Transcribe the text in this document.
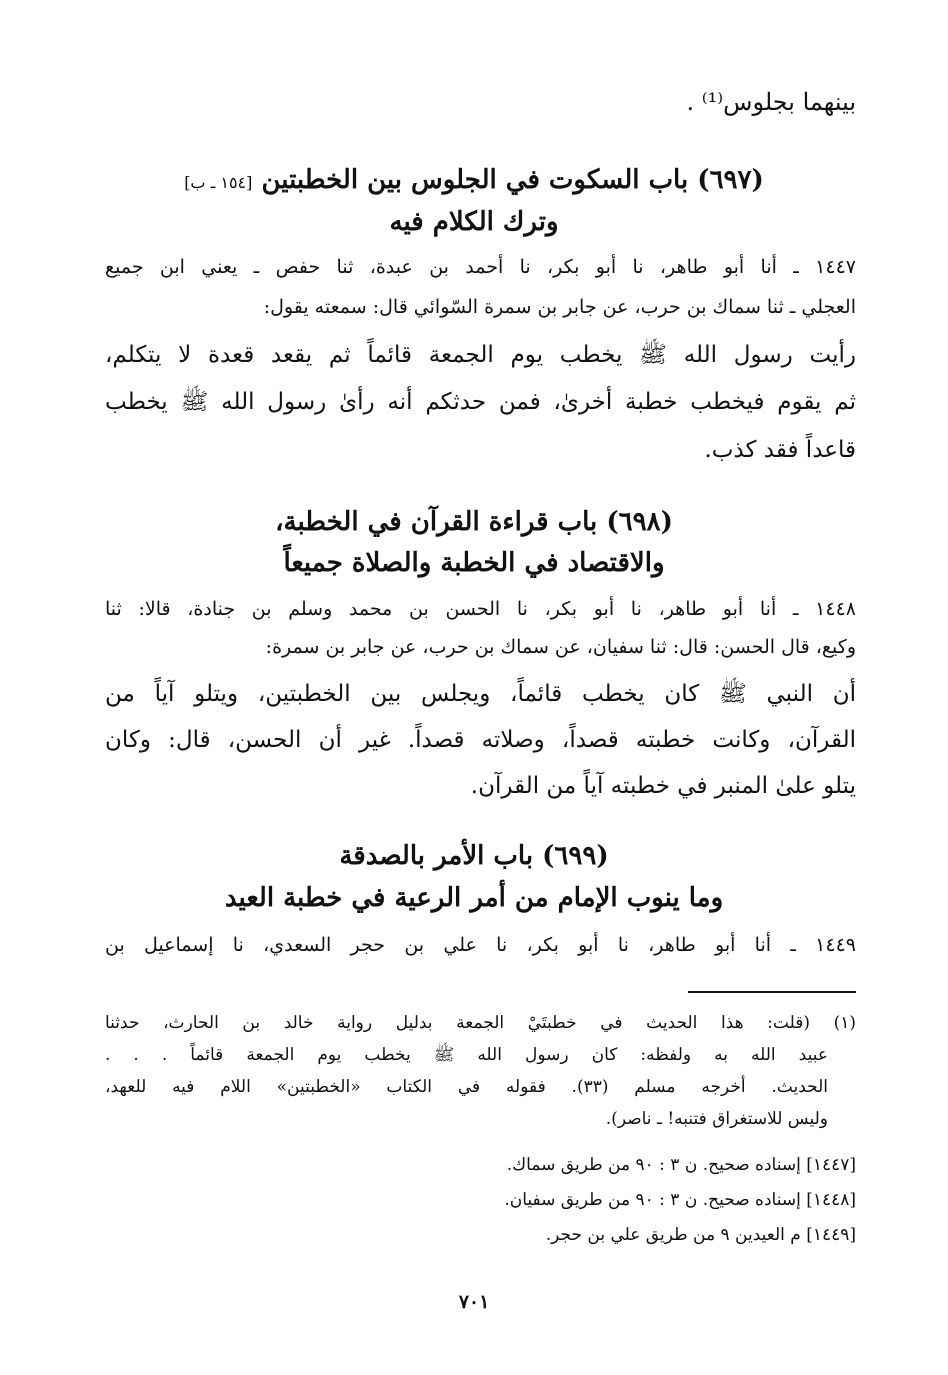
بينهما بجلوس⁽¹⁾ .
(٦٩٧) باب السكوت في الجلوس بين الخطبتين [١٥٤ ـ ب]
وترك الكلام فيه
١٤٤٧ ـ أنا أبو طاهر، نا أبو بكر، نا أحمد بن عبدة، ثنا حفص ـ يعني ابن جميع
العجلي ـ ثنا سماك بن حرب، عن جابر بن سمرة السّوائي قال: سمعته يقول:
رأيت رسول الله ﷺ يخطب يوم الجمعة قائماً ثم يقعد قعدة لا يتكلم،
ثم يقوم فيخطب خطبة أخرىٰ، فمن حدثكم أنه رأىٰ رسول الله ﷺ يخطب
قاعداً فقد كذب.
(٦٩٨) باب قراءة القرآن في الخطبة،
والاقتصاد في الخطبة والصلاة جميعاً
١٤٤٨ ـ أنا أبو طاهر، نا أبو بكر، نا الحسن بن محمد وسلم بن جنادة، قالا: ثنا
وكيع، قال الحسن: قال: ثنا سفيان، عن سماك بن حرب، عن جابر بن سمرة:
أن النبي ﷺ كان يخطب قائماً، ويجلس بين الخطبتين، ويتلو آياً من
القرآن، وكانت خطبته قصداً، وصلاته قصداً. غير أن الحسن، قال: وكان
يتلو علىٰ المنبر في خطبته آياً من القرآن.
(٦٩٩) باب الأمر بالصدقة
وما ينوب الإمام من أمر الرعية في خطبة العيد
١٤٤٩ ـ أنا أبو طاهر، نا أبو بكر، نا علي بن حجر السعدي، نا إسماعيل بن
(١) (قلت: هذا الحديث في خطبتَيْ الجمعة بدليل رواية خالد بن الحارث، حدثنا
عبيد الله به ولفظه: كان رسول الله ﷺ يخطب يوم الجمعة قائماً . . .
الحديث. أخرجه مسلم (٣٣). فقوله في الكتاب «الخطبتين» اللام فيه للعهد،
وليس للاستغراق فتنبه! ـ ناصر).
[١٤٤٧] إسناده صحيح. ن ٣ : ٩٠ من طريق سماك.
[١٤٤٨] إسناده صحيح. ن ٣ : ٩٠ من طريق سفيان.
[١٤٤٩] م العيدين ٩ من طريق علي بن حجر.
٧٠١
